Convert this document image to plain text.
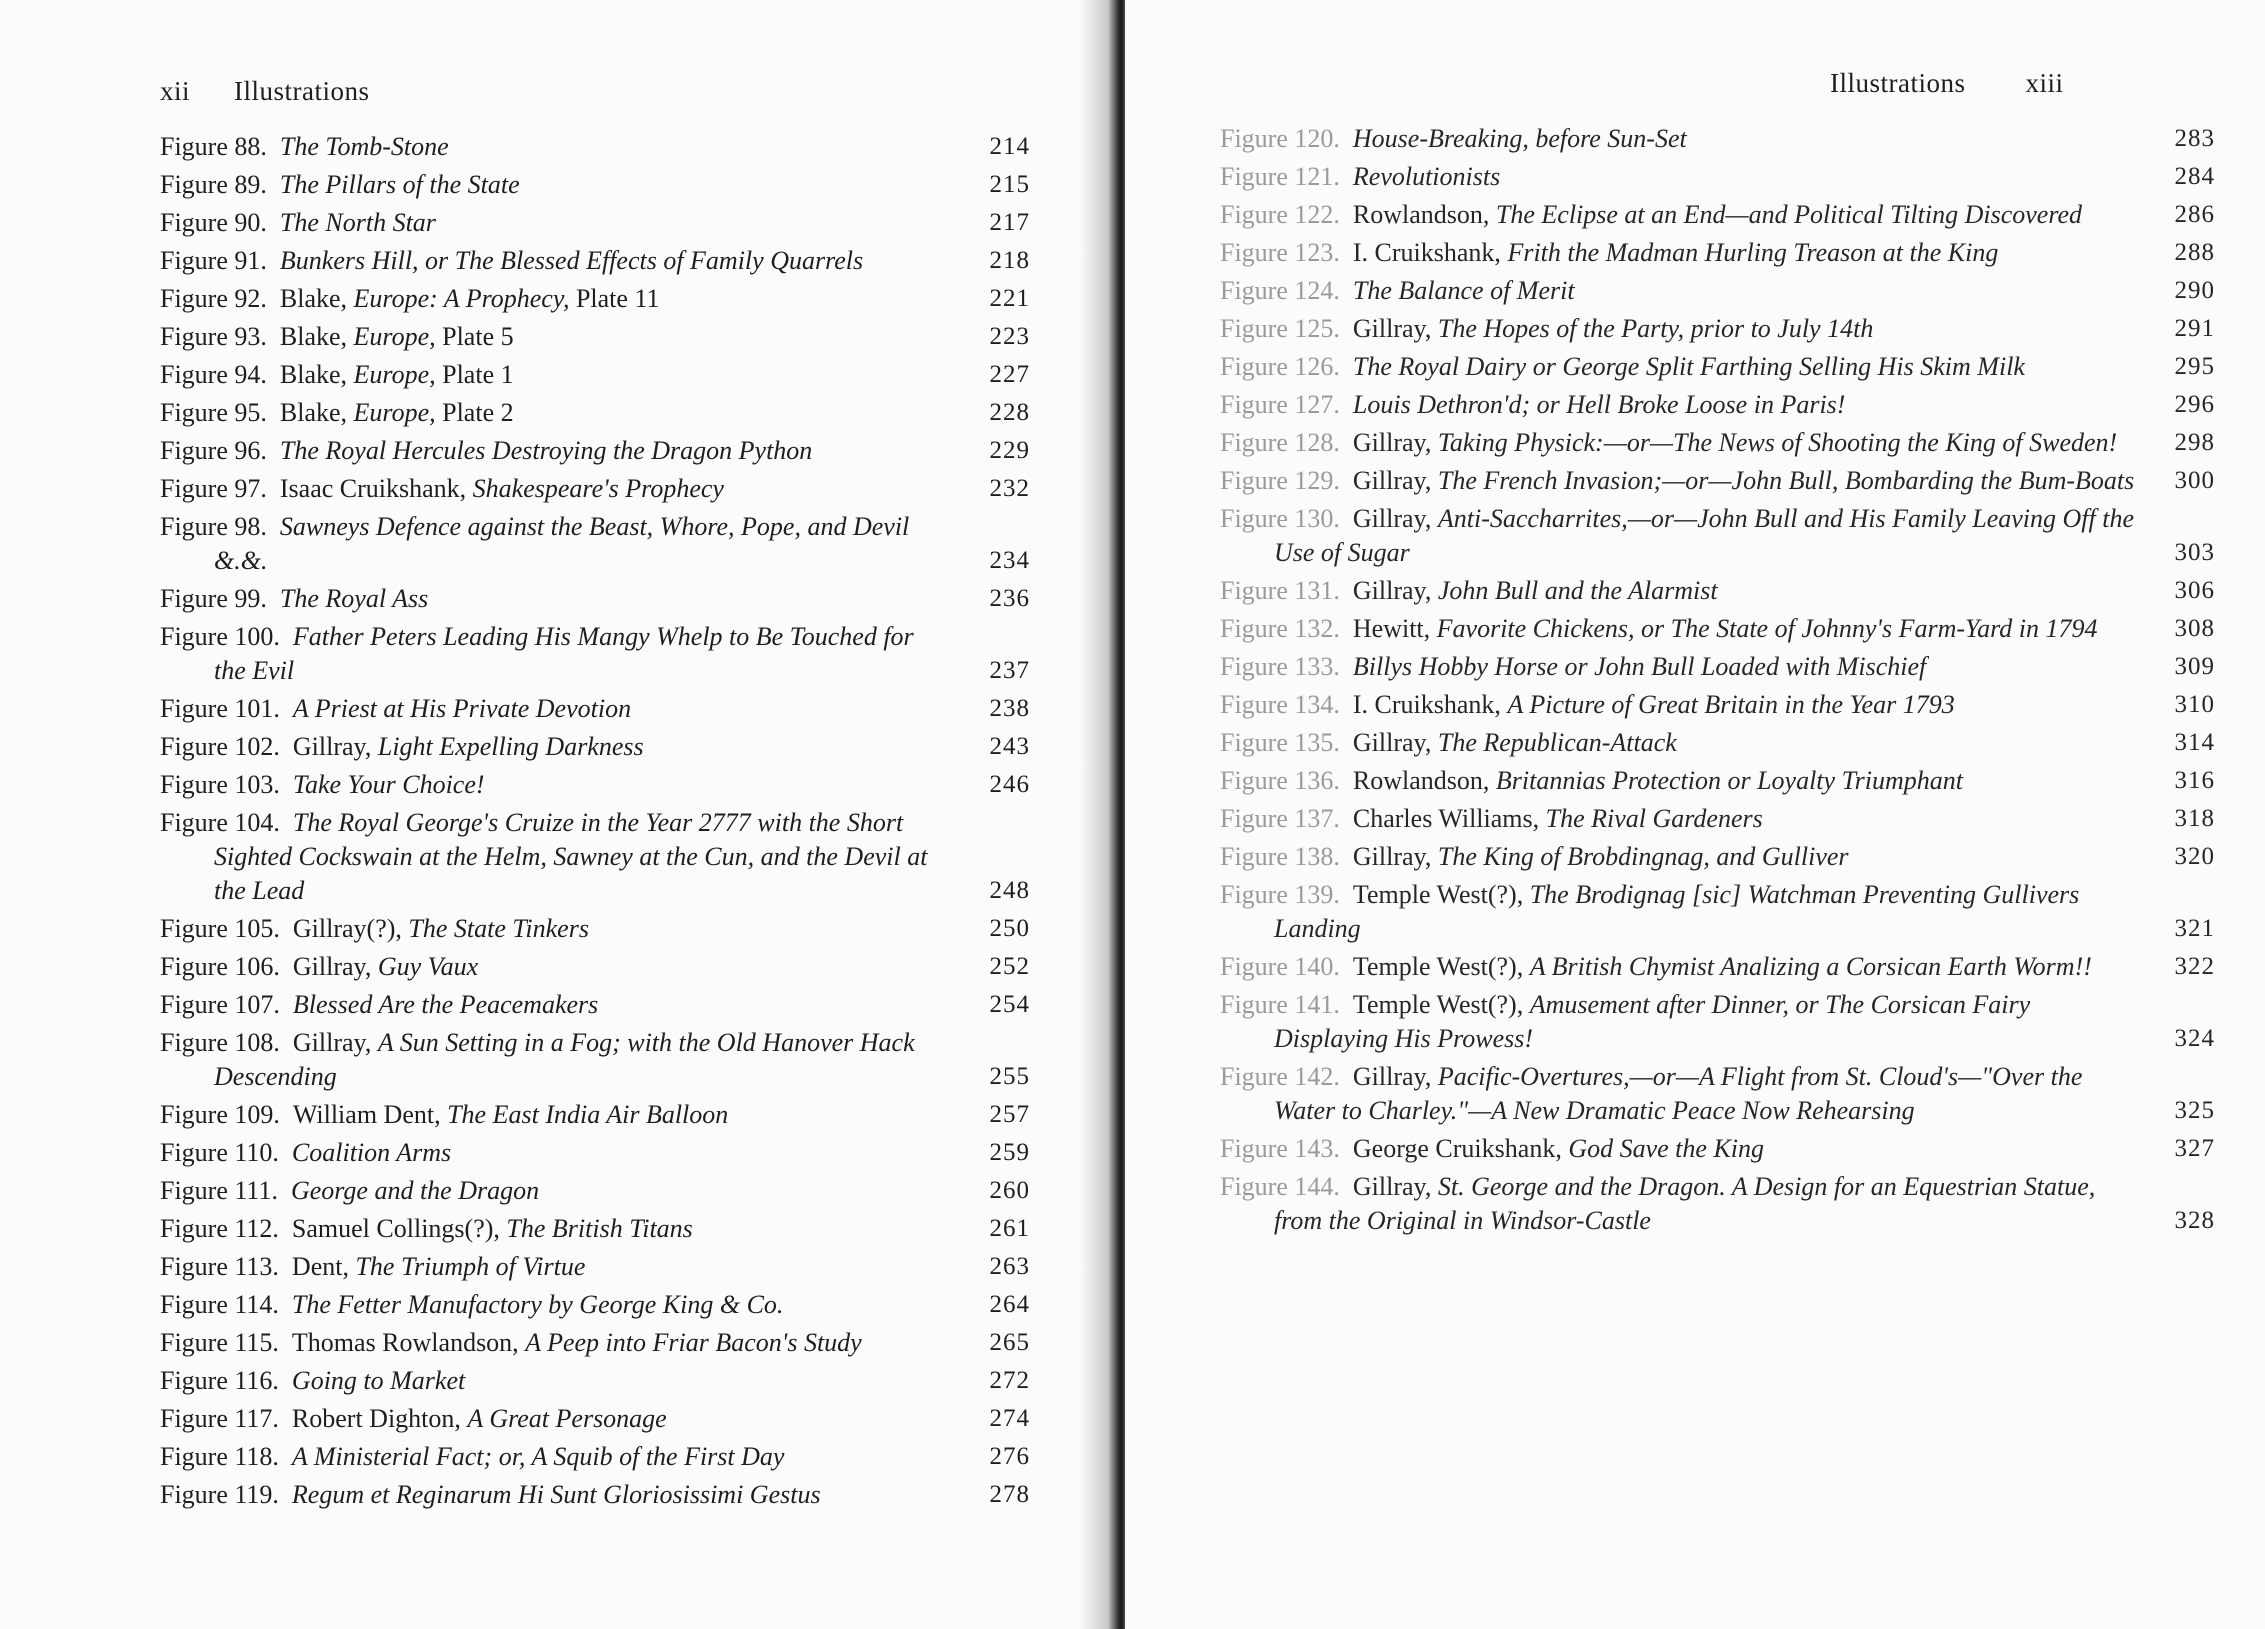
xii Illustrations
Figure 88. The Tomb-Stone	214
Figure 89. The Pillars of the State	215
Figure 90. The North Star	217
Figure 91. Bunkers Hill, or The Blessed Effects of Family Quarrels	218
Figure 92. Blake, Europe: A Prophecy, Plate 11	221
Figure 93. Blake, Europe, Plate 5	223
Figure 94. Blake, Europe, Plate 1	227
Figure 95. Blake, Europe, Plate 2	228
Figure 96. The Royal Hercules Destroying the Dragon Python	229
Figure 97. Isaac Cruikshank, Shakespeare's Prophecy	232
Figure 98. Sawneys Defence against the Beast, Whore, Pope, and Devil &.&.	234
Figure 99. The Royal Ass	236
Figure 100. Father Peters Leading His Mangy Whelp to Be Touched for the Evil	237
Figure 101. A Priest at His Private Devotion	238
Figure 102. Gillray, Light Expelling Darkness	243
Figure 103. Take Your Choice!	246
Figure 104. The Royal George's Cruize in the Year 2777 with the Short Sighted Cockswain at the Helm, Sawney at the Cun, and the Devil at the Lead	248
Figure 105. Gillray(?), The State Tinkers	250
Figure 106. Gillray, Guy Vaux	252
Figure 107. Blessed Are the Peacemakers	254
Figure 108. Gillray, A Sun Setting in a Fog; with the Old Hanover Hack Descending	255
Figure 109. William Dent, The East India Air Balloon	257
Figure 110. Coalition Arms	259
Figure 111. George and the Dragon	260
Figure 112. Samuel Collings(?), The British Titans	261
Figure 113. Dent, The Triumph of Virtue	263
Figure 114. The Fetter Manufactory by George King & Co.	264
Figure 115. Thomas Rowlandson, A Peep into Friar Bacon's Study	265
Figure 116. Going to Market	272
Figure 117. Robert Dighton, A Great Personage	274
Figure 118. A Ministerial Fact; or, A Squib of the First Day	276
Figure 119. Regum et Reginarum Hi Sunt Gloriosissimi Gestus	278
Illustrations xiii
Figure 120. House-Breaking, before Sun-Set	283
Figure 121. Revolutionists	284
Figure 122. Rowlandson, The Eclipse at an End—and Political Tilting Discovered	286
Figure 123. I. Cruikshank, Frith the Madman Hurling Treason at the King	288
Figure 124. The Balance of Merit	290
Figure 125. Gillray, The Hopes of the Party, prior to July 14th	291
Figure 126. The Royal Dairy or George Split Farthing Selling His Skim Milk	295
Figure 127. Louis Dethron'd; or Hell Broke Loose in Paris!	296
Figure 128. Gillray, Taking Physick:—or—The News of Shooting the King of Sweden!	298
Figure 129. Gillray, The French Invasion;—or—John Bull, Bombarding the Bum-Boats	300
Figure 130. Gillray, Anti-Saccharrites,—or—John Bull and His Family Leaving Off the Use of Sugar	303
Figure 131. Gillray, John Bull and the Alarmist	306
Figure 132. Hewitt, Favorite Chickens, or The State of Johnny's Farm-Yard in 1794	308
Figure 133. Billys Hobby Horse or John Bull Loaded with Mischief	309
Figure 134. I. Cruikshank, A Picture of Great Britain in the Year 1793	310
Figure 135. Gillray, The Republican-Attack	314
Figure 136. Rowlandson, Britannias Protection or Loyalty Triumphant	316
Figure 137. Charles Williams, The Rival Gardeners	318
Figure 138. Gillray, The King of Brobdingnag, and Gulliver	320
Figure 139. Temple West(?), The Brodignag [sic] Watchman Preventing Gullivers Landing	321
Figure 140. Temple West(?), A British Chymist Analizing a Corsican Earth Worm!!	322
Figure 141. Temple West(?), Amusement after Dinner, or The Corsican Fairy Displaying His Prowess!	324
Figure 142. Gillray, Pacific-Overtures,—or—A Flight from St. Cloud's—"Over the Water to Charley."—A New Dramatic Peace Now Rehearsing	325
Figure 143. George Cruikshank, God Save the King	327
Figure 144. Gillray, St. George and the Dragon. A Design for an Equestrian Statue, from the Original in Windsor-Castle	328
